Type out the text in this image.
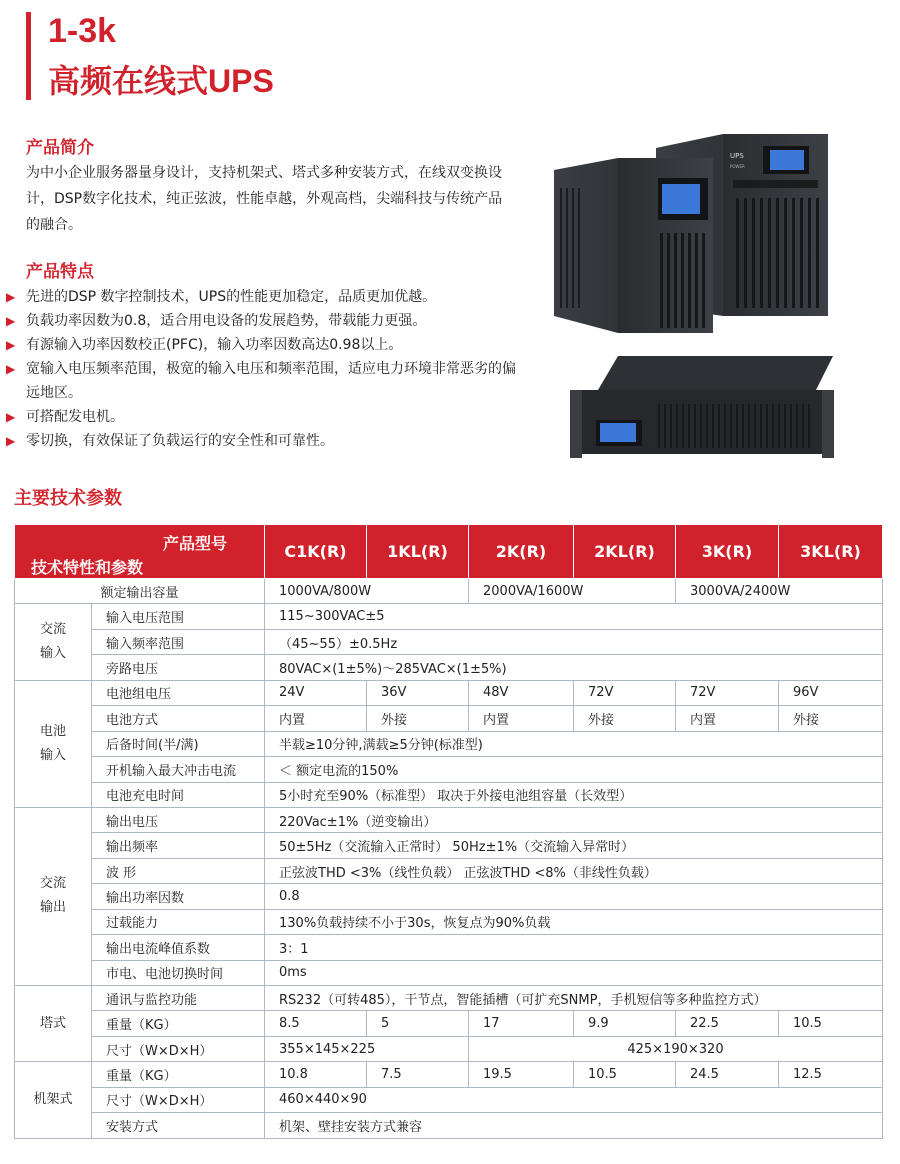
1-3k
高频在线式UPS
产品简介
为中小企业服务器量身设计，支持机架式、塔式多种安装方式，在线双变换设计，DSP数字化技术，纯正弦波，性能卓越，外观高档，尖端科技与传统产品的融合。
产品特点
▶ 先进的DSP 数字控制技术，UPS的性能更加稳定，品质更加优越。
▶ 负载功率因数为0.8，适合用电设备的发展趋势，带载能力更强。
▶ 有源输入功率因数校正(PFC)，输入功率因数高达0.98以上。
▶ 宽输入电压频率范围，极宽的输入电压和频率范围，适应电力环境非常恶劣的偏远地区。
▶ 可搭配发电机。
▶ 零切换，有效保证了负载运行的安全性和可靠性。
UPS
POWER
主要技术参数
产品型号
技术特性和参数		C1K(R)	1KL(R)	2K(R)	2KL(R)	3K(R)	3KL(R)
额定输出容量		1000VA/800W		2000VA/1600W		3000VA/2400W	

交流
输入	输入电压范围	115~300VAC±5					
	输入频率范围	（45~55）±0.5Hz					
	旁路电压	80VAC×(1±5%)～285VAC×(1±5%)					

电池
输入	电池组电压	24V	36V	48V	72V	72V	96V
	电池方式	内置	外接	内置	外接	内置	外接
	后备时间(半/满)	半载≥10分钟,满载≥5分钟(标准型)					
	开机输入最大冲击电流	＜ 额定电流的150%					
	电池充电时间	5小时充至90%（标准型） 取决于外接电池组容量（长效型）					

交流
输出	输出电压	220Vac±1%（逆变输出）					
	输出频率	50±5Hz（交流输入正常时） 50Hz±1%（交流输入异常时）					
	波 形	正弦波THD <3%（线性负载） 正弦波THD <8%（非线性负载）					
	输出功率因数	0.8					
	过载能力	130%负载持续不小于30s，恢复点为90%负载					
	输出电流峰值系数	3：1					
	市电、电池切换时间	0ms					

塔式	通讯与监控功能	RS232（可转485），干节点，智能插槽（可扩充SNMP，手机短信等多种监控方式）					
	重量（KG）	8.5	5	17	9.9	22.5	10.5
	尺寸（W×D×H）	355×145×225		425×190×320			

机架式	重量（KG）	10.8	7.5	19.5	10.5	24.5	12.5
	尺寸（W×D×H）	460×440×90					
	安装方式	机架、壁挂安装方式兼容					
